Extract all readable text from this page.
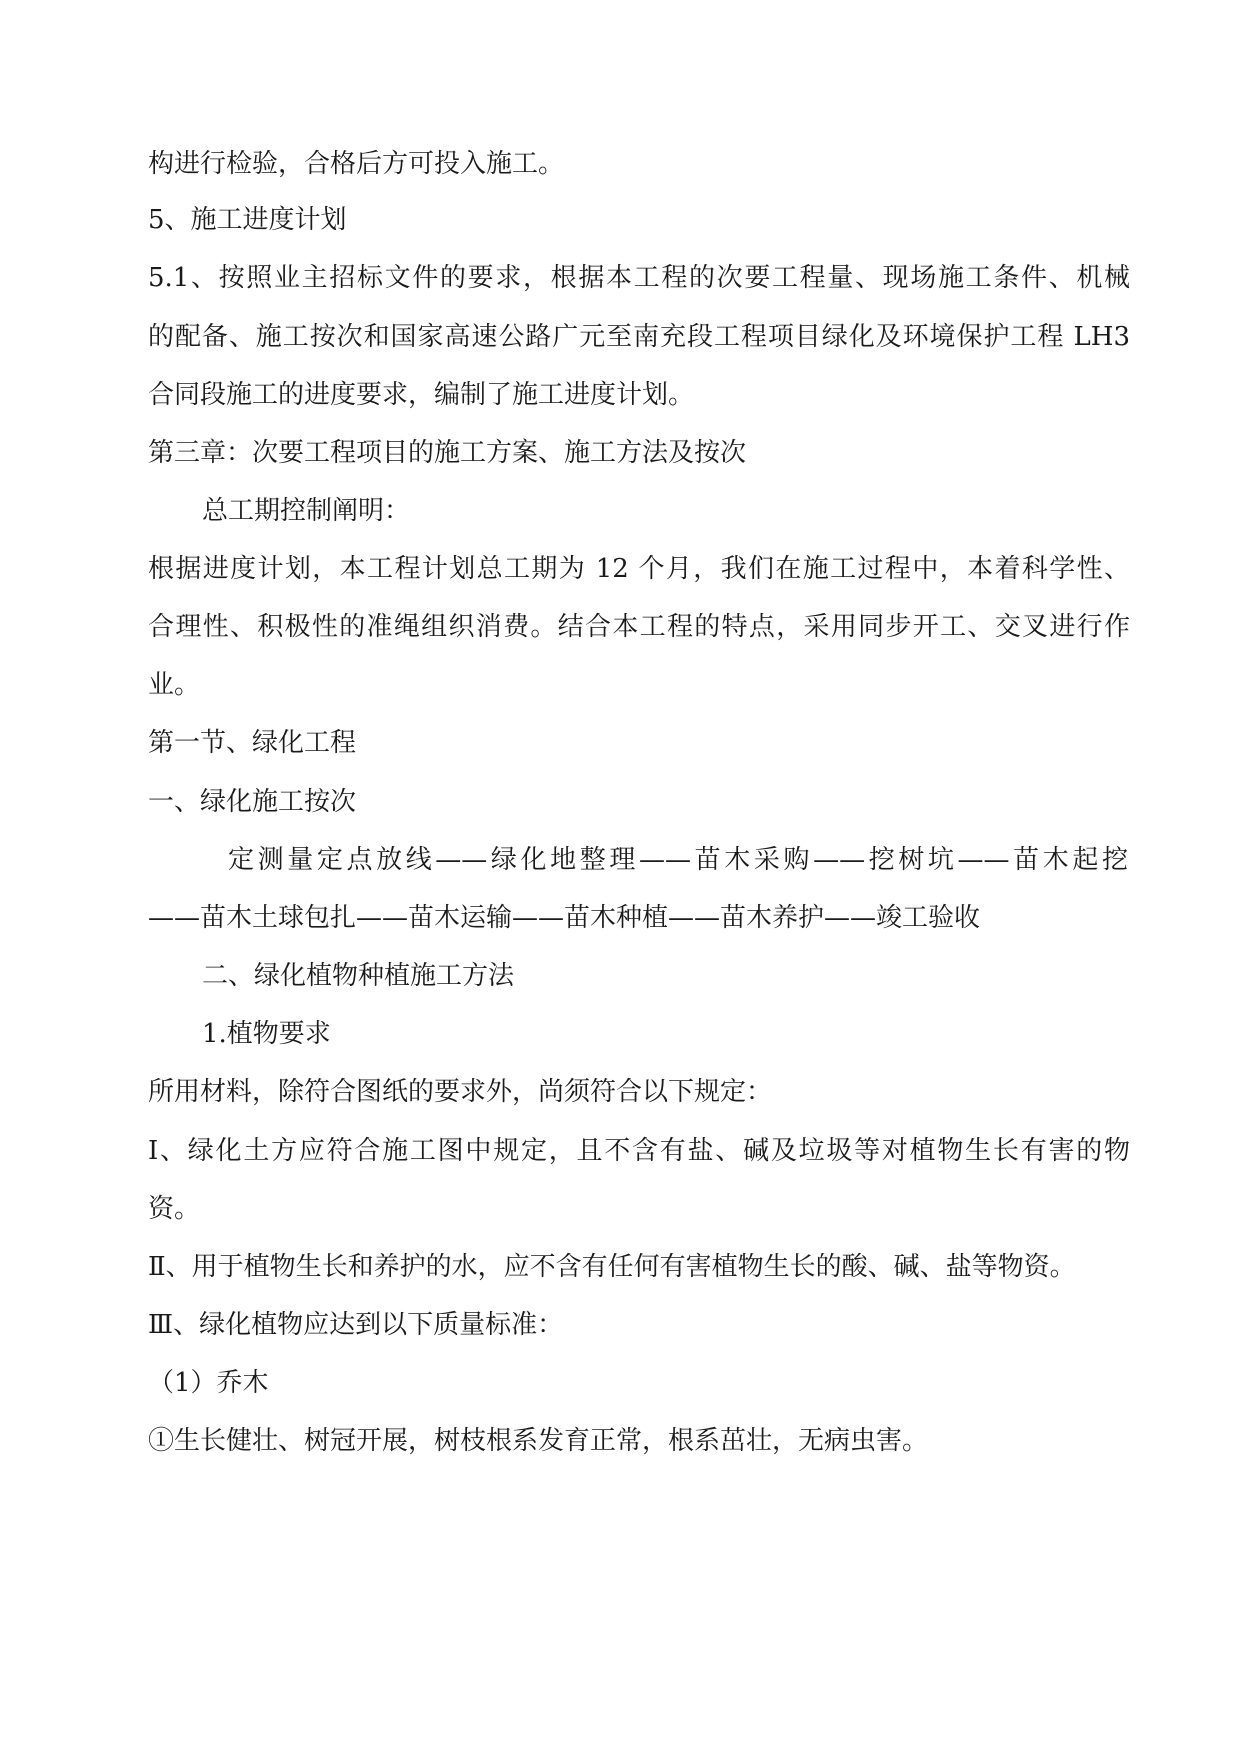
构进行检验，合格后方可投入施工。
5、施工进度计划
5.1、按照业主招标文件的要求，根据本工程的次要工程量、现场施工条件、机械
的配备、施工按次和国家高速公路广元至南充段工程项目绿化及环境保护工程 LH3
合同段施工的进度要求，编制了施工进度计划。
第三章：次要工程项目的施工方案、施工方法及按次
总工期控制阐明：
根据进度计划，本工程计划总工期为 12 个月，我们在施工过程中，本着科学性、
合理性、积极性的准绳组织消费。结合本工程的特点，采用同步开工、交叉进行作
业。
第一节、绿化工程
一、绿化施工按次
定测量定点放线——绿化地整理——苗木采购——挖树坑——苗木起挖
——苗木土球包扎——苗木运输——苗木种植——苗木养护——竣工验收
二、绿化植物种植施工方法
1.植物要求
所用材料，除符合图纸的要求外，尚须符合以下规定：
Ⅰ、绿化土方应符合施工图中规定，且不含有盐、碱及垃圾等对植物生长有害的物
资。
Ⅱ、用于植物生长和养护的水，应不含有任何有害植物生长的酸、碱、盐等物资。
Ⅲ、绿化植物应达到以下质量标准：
（1）乔木
①生长健壮、树冠开展，树枝根系发育正常，根系茁壮，无病虫害。
